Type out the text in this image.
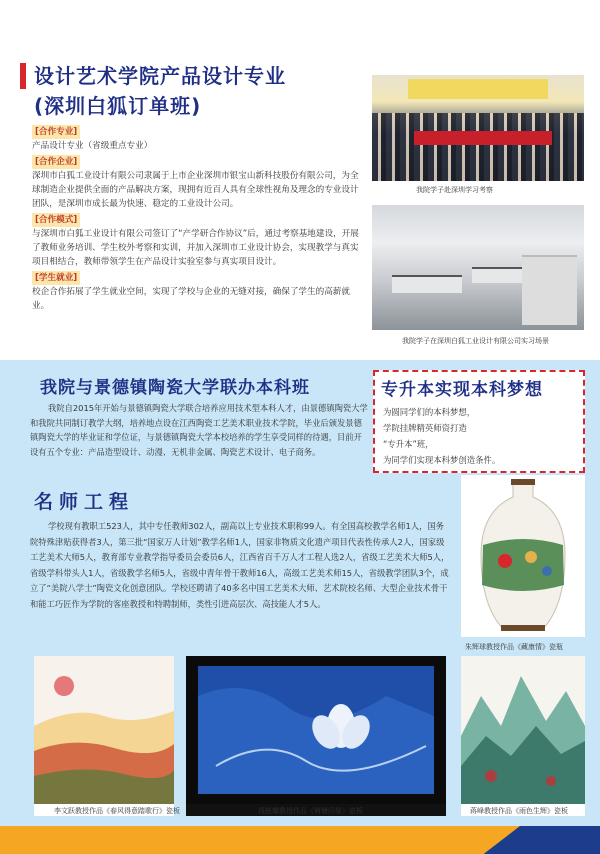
设计艺术学院产品设计专业
(深圳白狐订单班)
[合作专业]
产品设计专业（省级重点专业）
[合作企业]
深圳市白狐工业设计有限公司隶属于上市企业深圳市银宝山新科技股份有限公司，为全球制造企业提供全面的产品解决方案，现拥有近百人具有全球性视角及理念的专业设计团队，是深圳市成长最为快速、稳定的工业设计公司。
[合作模式]
与深圳市白狐工业设计有限公司签订了“产学研合作协议”后，通过考察基地建设，开展了教师业务培训、学生校外考察和实训，并加入深圳市工业设计协会，实现教学与真实项目相结合，教师带领学生在产品设计实验室参与真实项目设计。
[学生就业]
校企合作拓展了学生就业空间，实现了学校与企业的无缝对接，确保了学生的高薪就业。
我院学子赴深圳学习考察
我院学子在深圳白狐工业设计有限公司实习场景
我院与景德镇陶瓷大学联办本科班
我院自2015年开始与景德镇陶瓷大学联合培养应用技术型本科人才，由景德镇陶瓷大学和我院共同制订教学大纲，培养地点设在江西陶瓷工艺美术职业技术学院，毕业后颁发景德镇陶瓷大学的毕业证和学位证，与景德镇陶瓷大学本校培养的学生享受同样的待遇，目前开设有五个专业：产品造型设计、动漫、无机非金属、陶瓷艺术设计、电子商务。
专升本实现本科梦想
为圆同学们的本科梦想，
学院挂牌精英师资打造
“专升本”班，
为同学们实现本科梦创造条件。
名师工程
学校现有教职工523人，其中专任教师302人，副高以上专业技术职称99人。有全国高校教学名师1人，国务院特殊津贴获得者3人，第三批“国家万人计划”教学名师1人，国家非物质文化遗产项目代表性传承人2人，国家级工艺美术大师5人，教育部专业教学指导委员会委员6人，江西省百千万人才工程人选2人，省级工艺美术大师5人，省级学科带头人1人，省级教学名师5人，省级中青年骨干教师16人，高级工艺美术师15人，省级教学团队3个，成立了“美院八学士”陶瓷文化创意团队。学校还聘请了40多名中国工艺美术大师、艺术院校名师、大型企业技术骨干和能工巧匠作为学院的客座教授和特聘制师，类性引进高层次、高技能人才5人。
朱辉球教授作品《藏康情》瓷瓶
李文跃教授作品《春风得意踏歌行》瓷板	钱能耀教授作品《荷塘印象》瓷板	蒋峰教授作品《雨色生辉》瓷板
